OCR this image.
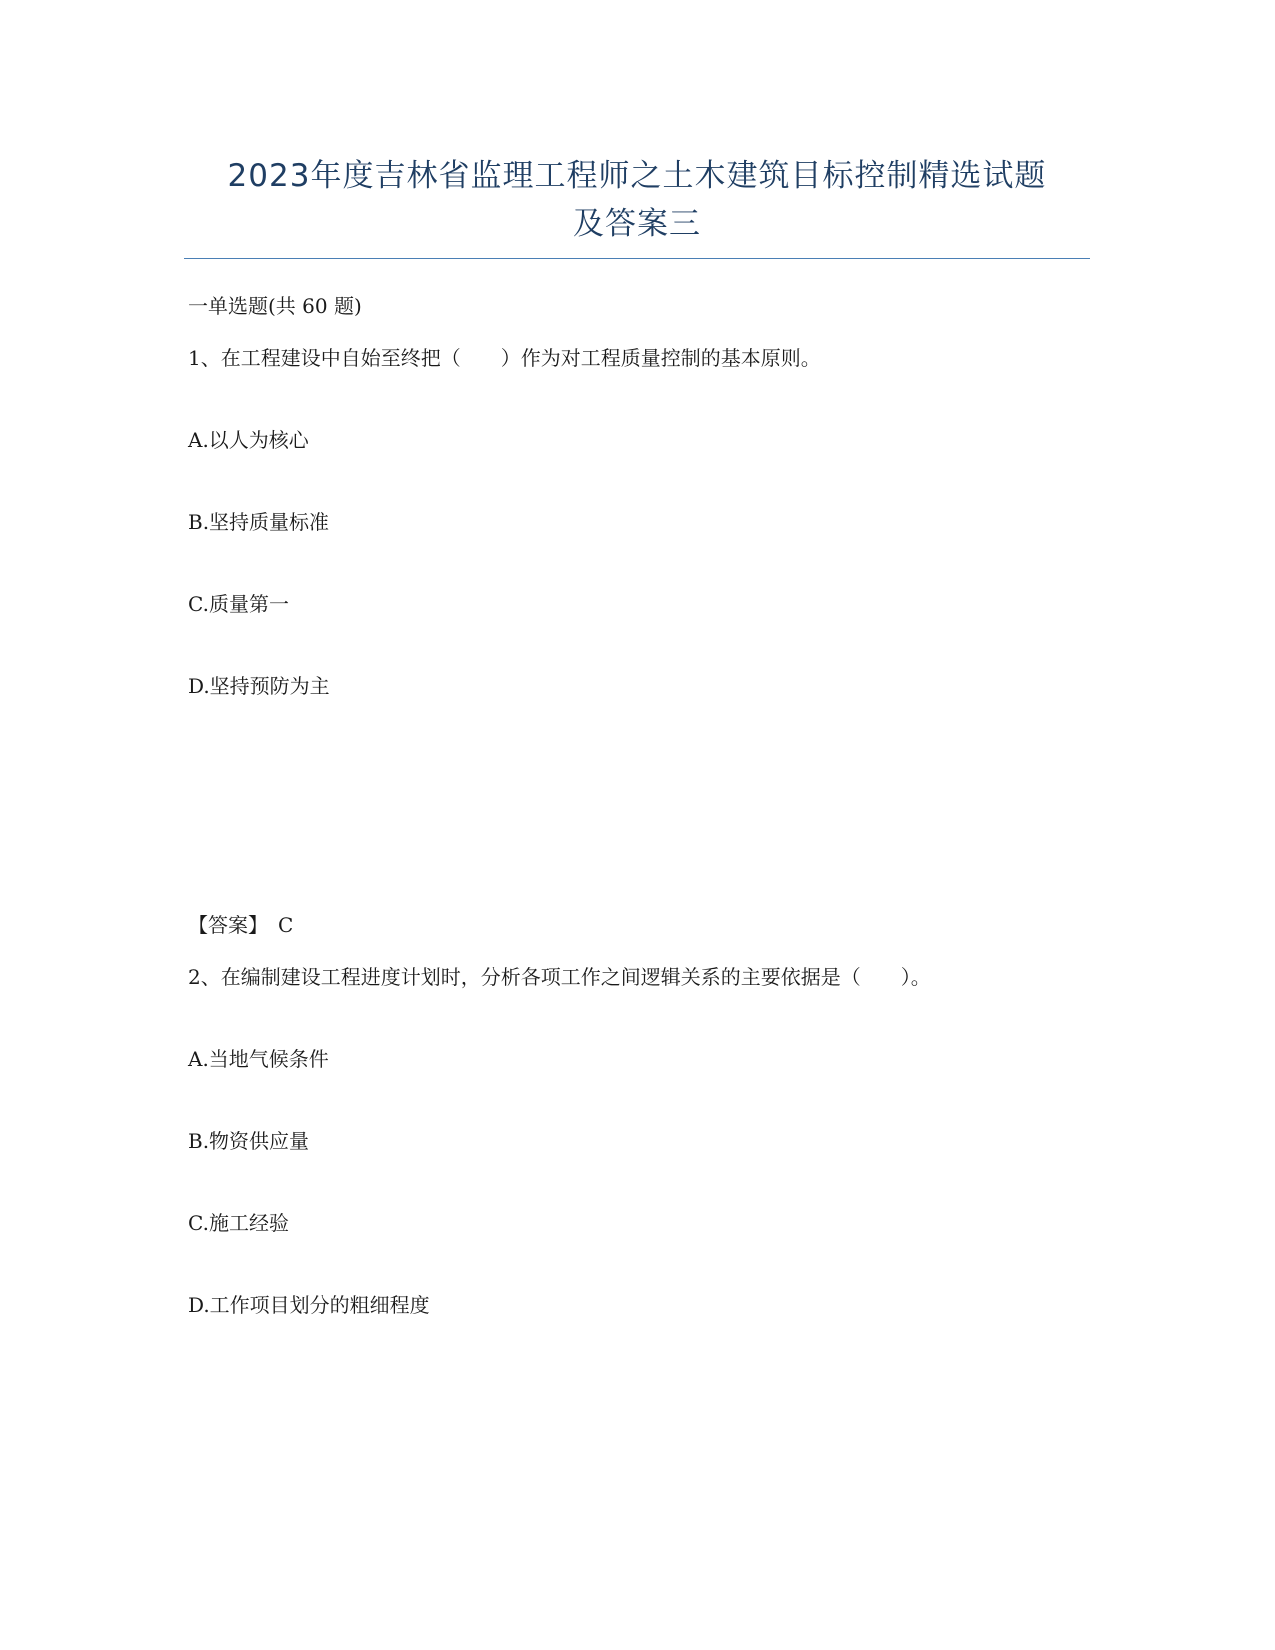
2023年度吉林省监理工程师之土木建筑目标控制精选试题
及答案三
一单选题(共 60 题)
1、在工程建设中自始至终把（　　）作为对工程质量控制的基本原则。
A.以人为核心
B.坚持质量标准
C.质量第一
D.坚持预防为主
【答案】　C
2、在编制建设工程进度计划时，分析各项工作之间逻辑关系的主要依据是（　　）。
A.当地气候条件
B.物资供应量
C.施工经验
D.工作项目划分的粗细程度
